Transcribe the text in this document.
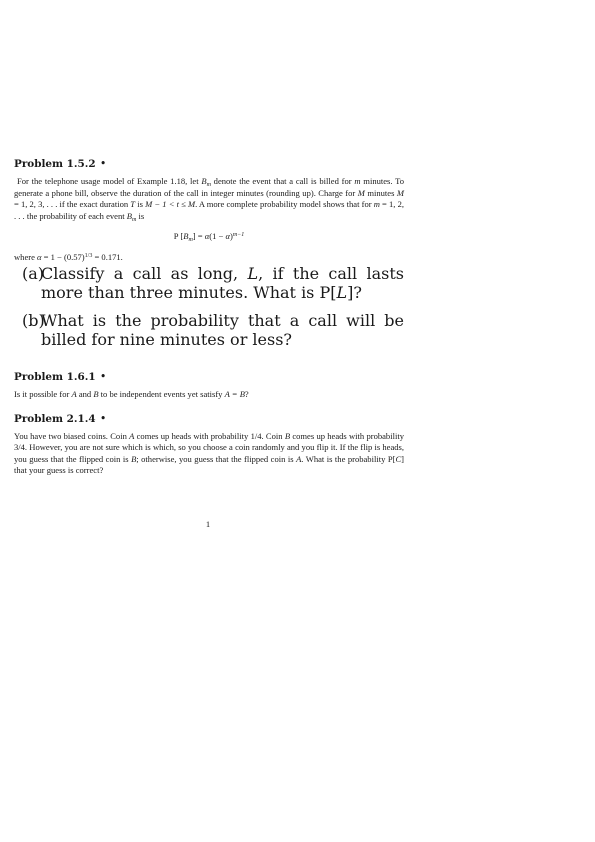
Problem 1.5.2 •

For the telephone usage model of Example 1.18, let $B_m$ denote the event that a call is billed for m minutes. To generate a phone bill, observe the duration of the call in integer minutes (rounding up). Charge for M minutes M = 1, 2, 3, . . . if the exact duration T is M − 1 < t ≤ M. A more complete probability model shows that for m = 1, 2, . . . the probability of each event $B_m$ is

P $[B_m] = \alpha(1 - \alpha)^{m-1}$

where $\alpha = 1 - (0.57)^{1/3} = 0.171$.

(a)
Classify a call as long, L, if the call lasts more than three minutes. What is P[L]?
(b)
What is the probability that a call will be billed for nine minutes or less?
Problem 1.6.1 •

Is it possible for A and B to be independent events yet satisfy A = B?

Problem 2.1.4 •

You have two biased coins. Coin A comes up heads with probability 1/4. Coin B comes up heads with probability 3/4. However, you are not sure which is which, so you choose a coin randomly and you flip it. If the flip is heads, you guess that the flipped coin is B; otherwise, you guess that the flipped coin is A. What is the probability P[C] that your guess is correct?

1
